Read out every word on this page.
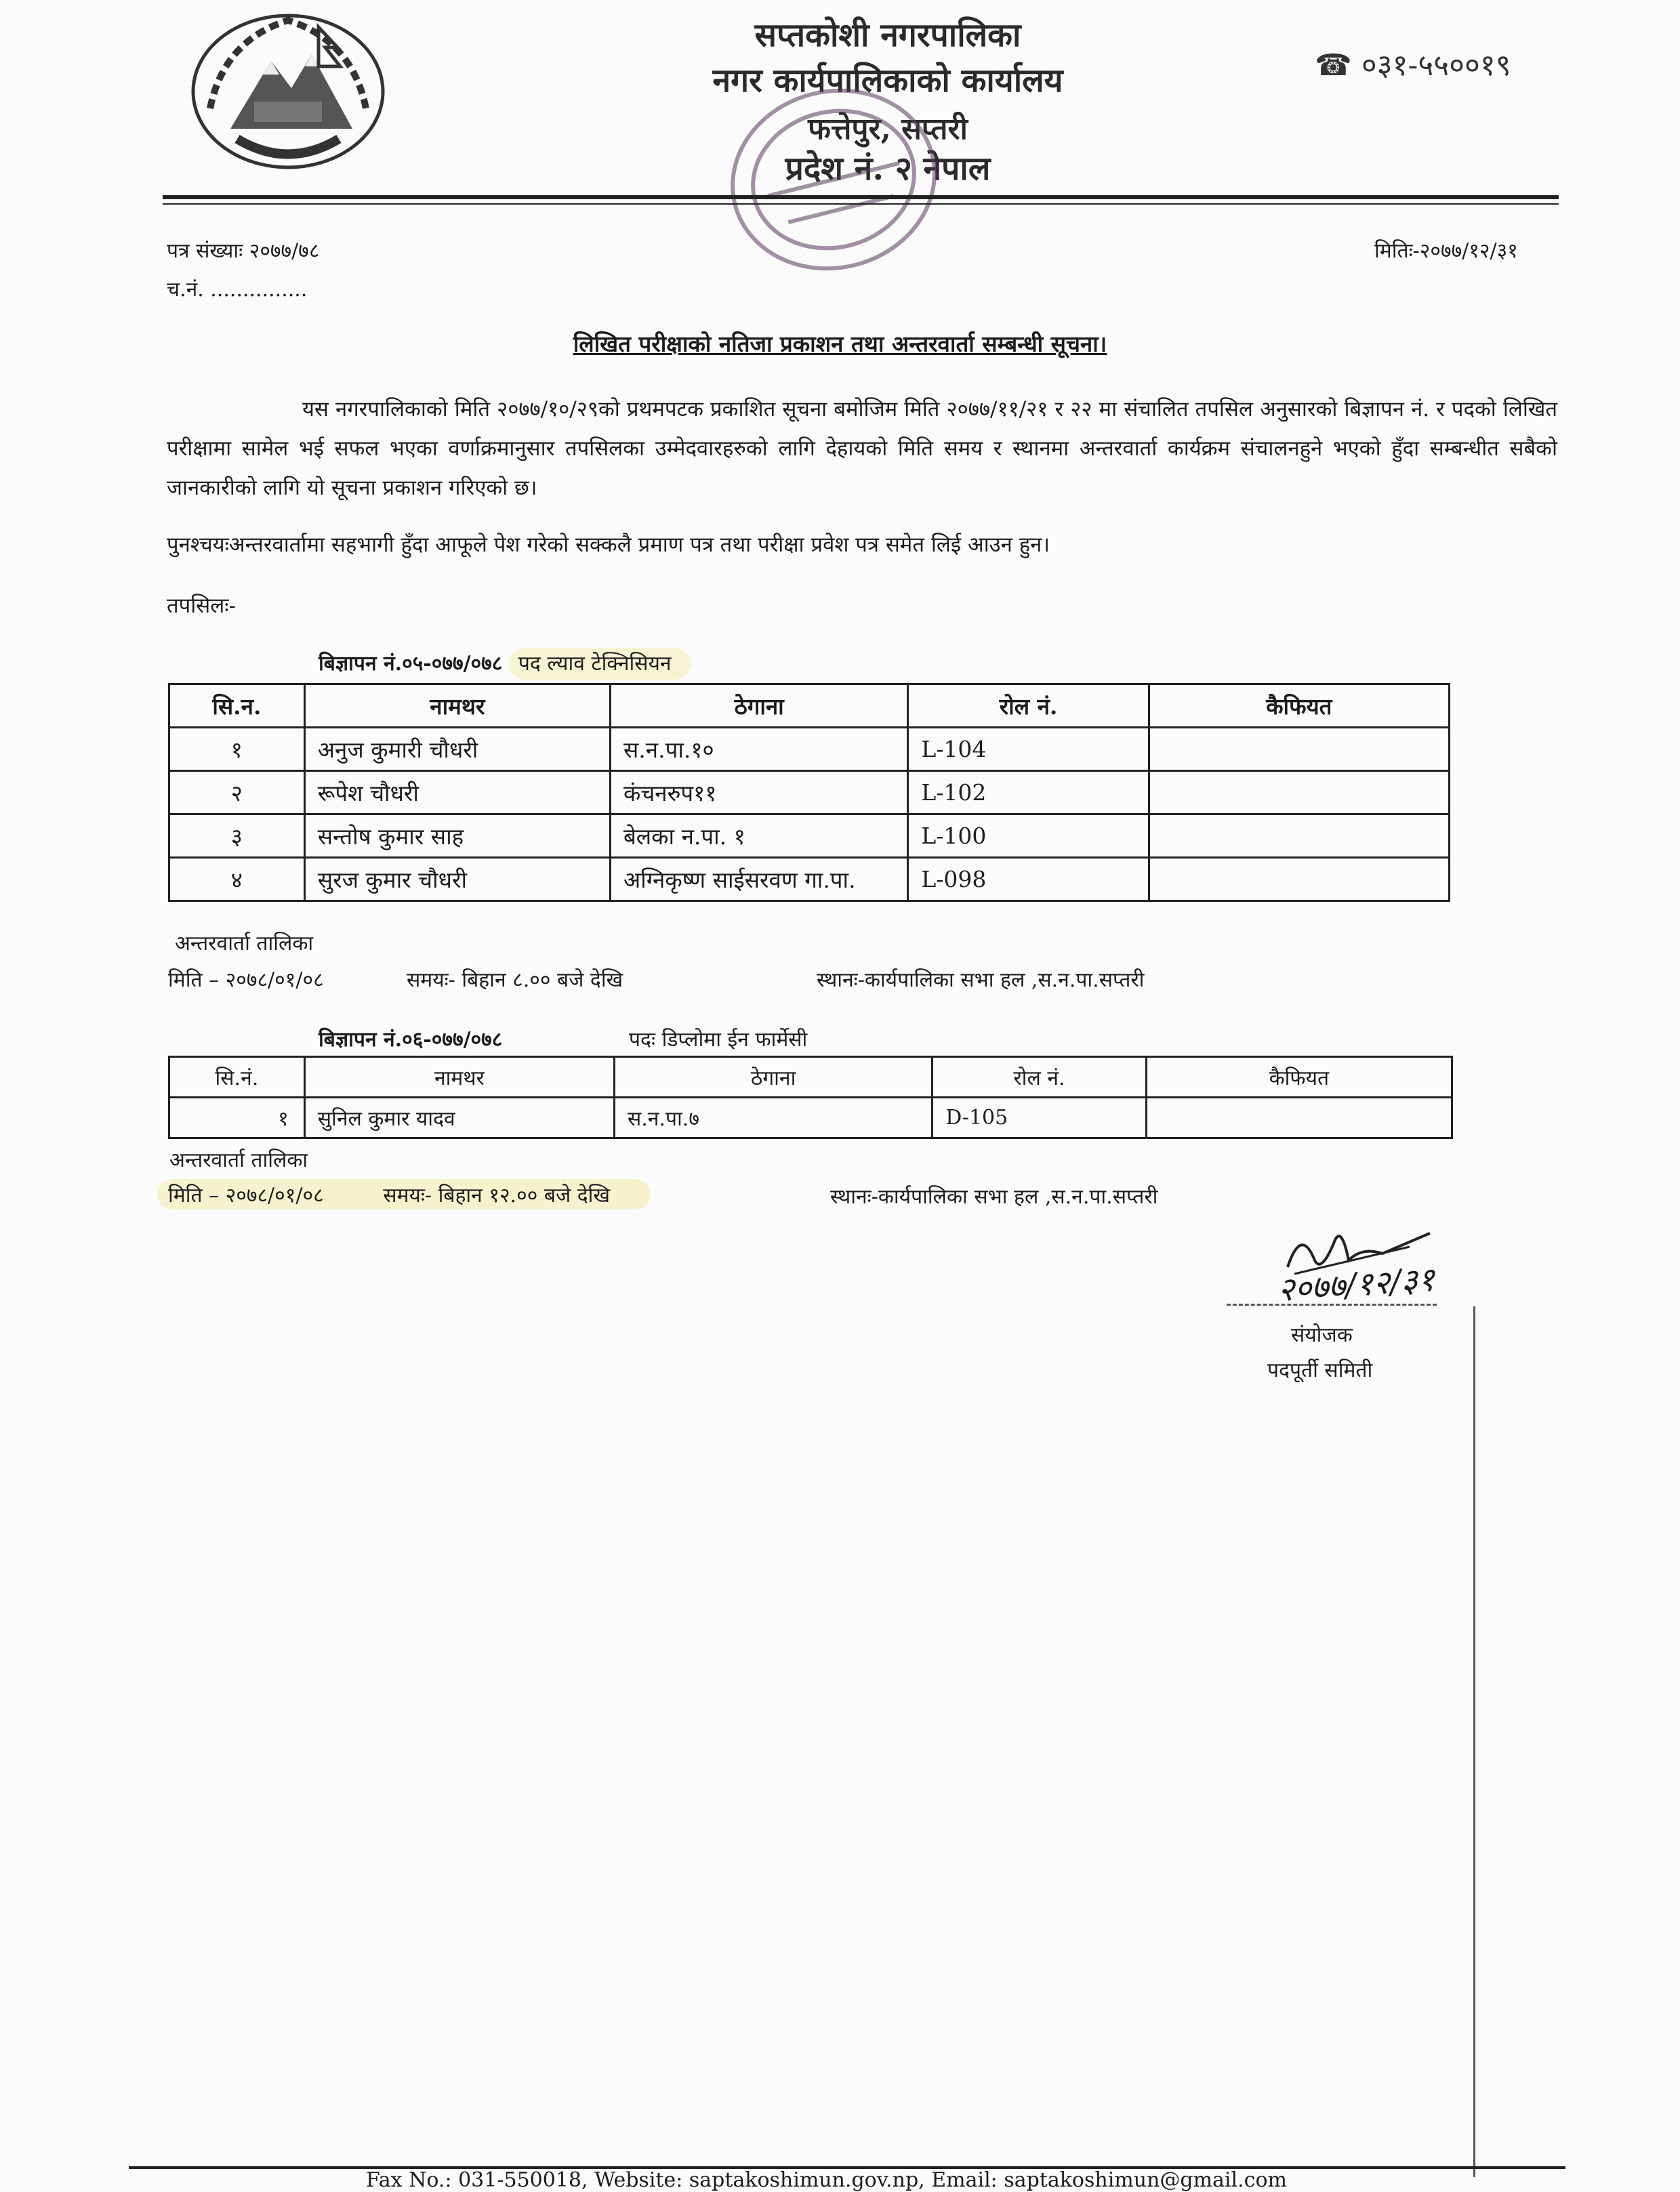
सप्तकोशी नगरपालिका
नगर कार्यपालिकाको कार्यालय
फत्तेपुर, सप्तरी
प्रदेश नं. २ नेपाल
☎ ०३१-५५००१९
पत्र संख्याः २०७७/७८
च.नं. ...............
मितिः-२०७७/१२/३१
लिखित परीक्षाको नतिजा प्रकाशन तथा अन्तरवार्ता सम्बन्धी सूचना।
यस नगरपालिकाको मिति २०७७/१०/२९को प्रथमपटक प्रकाशित सूचना बमोजिम मिति २०७७/११/२१ र २२ मा संचालित तपसिल अनुसारको बिज्ञापन नं. र पदको लिखित परीक्षामा सामेल भई सफल भएका वर्णाक्रमानुसार तपसिलका उम्मेदवारहरुको लागि देहायको मिति समय र स्थानमा अन्तरवार्ता कार्यक्रम संचालनहुने भएको हुँदा सम्बन्धीत सबैको जानकारीको लागि यो सूचना प्रकाशन गरिएको छ।
पुनश्चयःअन्तरवार्तामा सहभागी हुँदा आफूले पेश गरेको सक्कलै प्रमाण पत्र तथा परीक्षा प्रवेश पत्र समेत लिई आउन हुन।
तपसिलः-
बिज्ञापन नं.०५-०७७/०७८ पद ल्याव टेक्निसियन
सि.न.	नामथर	ठेगाना	रोल नं.	कैफियत
१	अनुज कुमारी चौधरी	स.न.पा.१०	L-104	
२	रूपेश चौधरी	कंचनरुप११	L-102	
३	सन्तोष कुमार साह	बेलका न.पा. १	L-100	
४	सुरज कुमार चौधरी	अग्निकृष्ण साईसरवण गा.पा.	L-098	
अन्तरवार्ता तालिका
मिति – २०७८/०१/०८	समयः- बिहान ८.०० बजे देखि	स्थानः-कार्यपालिका सभा हल ,स.न.पा.सप्तरी
बिज्ञापन नं.०६-०७७/०७८	पदः डिप्लोमा ईन फार्मेसी
सि.नं.	नामथर	ठेगाना	रोल नं.	कैफियत
१	सुनिल कुमार यादव	स.न.पा.७	D-105	
अन्तरवार्ता तालिका
मिति – २०७८/०१/०८	समयः- बिहान १२.०० बजे देखि	स्थानः-कार्यपालिका सभा हल ,स.न.पा.सप्तरी
२०७७/१२/३१
संयोजक
पदपूर्ती समिती
Fax No.: 031-550018, Website: saptakoshimun.gov.np, Email: saptakoshimun@gmail.com
